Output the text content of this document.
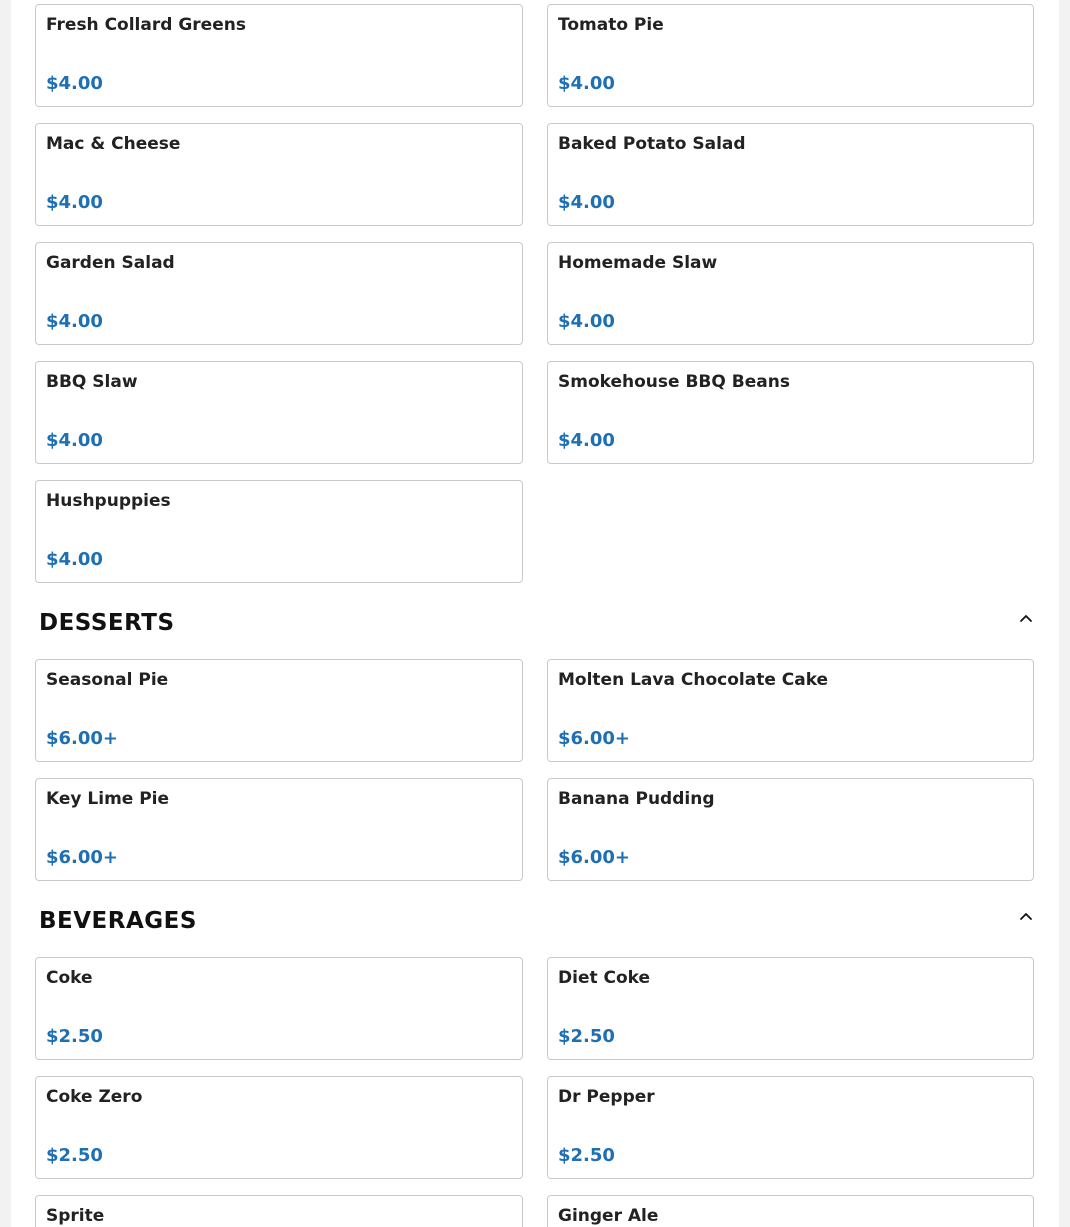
Fresh Collard Greens
$4.00
Tomato Pie
$4.00
Mac & Cheese
$4.00
Baked Potato Salad
$4.00
Garden Salad
$4.00
Homemade Slaw
$4.00
BBQ Slaw
$4.00
Smokehouse BBQ Beans
$4.00
Hushpuppies
$4.00
DESSERTS
Seasonal Pie
$6.00+
Molten Lava Chocolate Cake
$6.00+
Key Lime Pie
$6.00+
Banana Pudding
$6.00+
BEVERAGES
Coke
$2.50
Diet Coke
$2.50
Coke Zero
$2.50
Dr Pepper
$2.50
Sprite	Ginger Ale
